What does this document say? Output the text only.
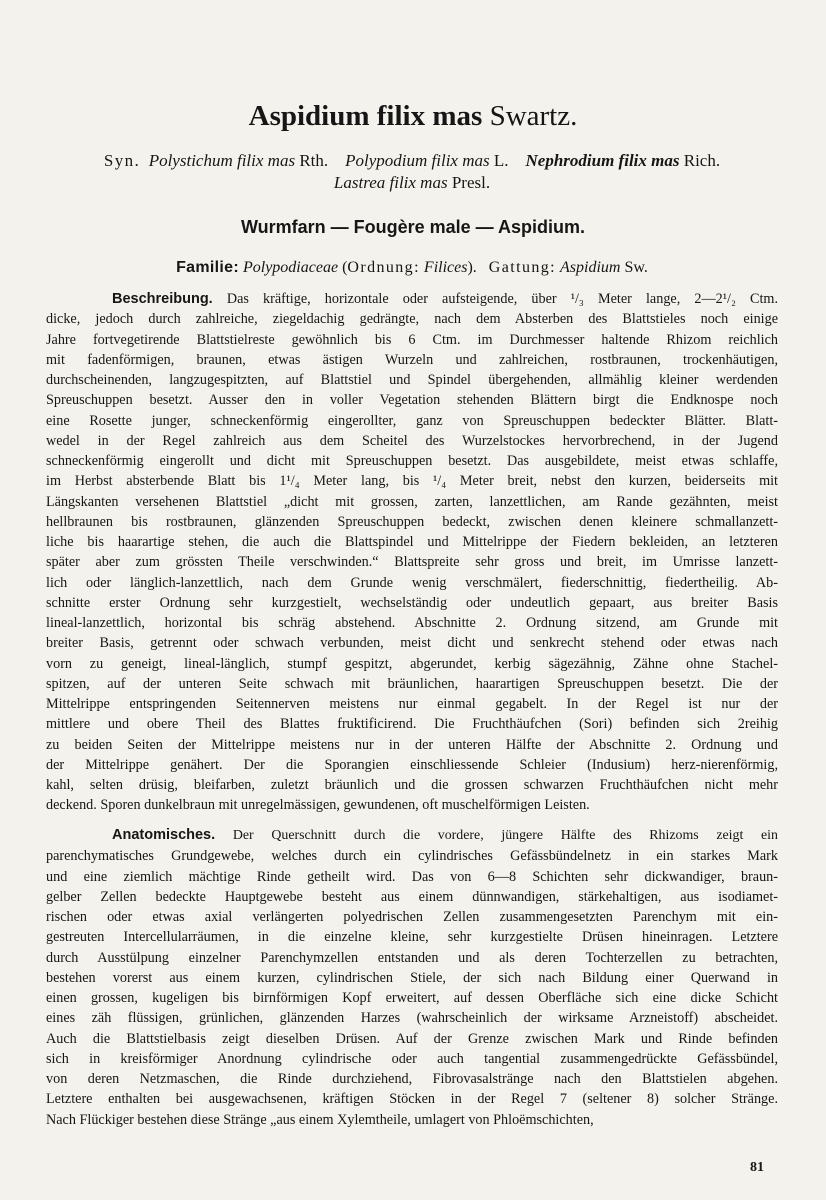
Aspidium filix mas Swartz.
Syn. Polystichum filix mas Rth. Polypodium filix mas L. Nephrodium filix mas Rich.
Lastrea filix mas Presl.
Wurmfarn — Fougère male — Aspidium.
Familie: Polypodiaceae (Ordnung: Filices).   Gattung: Aspidium Sw.
Beschreibung. Das kräftige, horizontale oder aufsteigende, über ¹/₃ Meter lange, 2—2¹/₂ Ctm.
dicke, jedoch durch zahlreiche, ziegeldachig gedrängte, nach dem Absterben des Blattstieles noch einige
Jahre fortvegetirende Blattstielreste gewöhnlich bis 6 Ctm. im Durchmesser haltende Rhizom reichlich
mit fadenförmigen, braunen, etwas ästigen Wurzeln und zahlreichen, rostbraunen, trockenhäutigen,
durchscheinenden, langzugespitzten, auf Blattstiel und Spindel übergehenden, allmählig kleiner werdenden
Spreuschuppen besetzt. Ausser den in voller Vegetation stehenden Blättern birgt die Endknospe noch
eine Rosette junger, schneckenförmig eingerollter, ganz von Spreuschuppen bedeckter Blätter. Blatt-
wedel in der Regel zahlreich aus dem Scheitel des Wurzelstockes hervorbrechend, in der Jugend
schneckenförmig eingerollt und dicht mit Spreuschuppen besetzt. Das ausgebildete, meist etwas schlaffe,
im Herbst absterbende Blatt bis 1¹/₄ Meter lang, bis ¹/₄ Meter breit, nebst den kurzen, beiderseits mit
Längskanten versehenen Blattstiel „dicht mit grossen, zarten, lanzettlichen, am Rande gezähnten, meist
hellbraunen bis rostbraunen, glänzenden Spreuschuppen bedeckt, zwischen denen kleinere schmallanzett-
liche bis haarartige stehen, die auch die Blattspindel und Mittelrippe der Fiedern bekleiden, an letzteren
später aber zum grössten Theile verschwinden.“ Blattspreite sehr gross und breit, im Umrisse lanzett-
lich oder länglich-lanzettlich, nach dem Grunde wenig verschmälert, fiederschnittig, fiedertheilig. Ab-
schnitte erster Ordnung sehr kurzgestielt, wechselständig oder undeutlich gepaart, aus breiter Basis
lineal-lanzettlich, horizontal bis schräg abstehend. Abschnitte 2. Ordnung sitzend, am Grunde mit
breiter Basis, getrennt oder schwach verbunden, meist dicht und senkrecht stehend oder etwas nach
vorn zu geneigt, lineal-länglich, stumpf gespitzt, abgerundet, kerbig sägezähnig, Zähne ohne Stachel-
spitzen, auf der unteren Seite schwach mit bräunlichen, haarartigen Spreuschuppen besetzt. Die der
Mittelrippe entspringenden Seitennerven meistens nur einmal gegabelt. In der Regel ist nur der
mittlere und obere Theil des Blattes fruktificirend. Die Fruchthäufchen (Sori) befinden sich 2reihig
zu beiden Seiten der Mittelrippe meistens nur in der unteren Hälfte der Abschnitte 2. Ordnung und
der Mittelrippe genähert. Der die Sporangien einschliessende Schleier (Indusium) herz-nierenförmig,
kahl, selten drüsig, bleifarben, zuletzt bräunlich und die grossen schwarzen Fruchthäufchen nicht mehr
deckend. Sporen dunkelbraun mit unregelmässigen, gewundenen, oft muschelförmigen Leisten.
Anatomisches. Der Querschnitt durch die vordere, jüngere Hälfte des Rhizoms zeigt ein
parenchymatisches Grundgewebe, welches durch ein cylindrisches Gefässbündelnetz in ein starkes Mark
und eine ziemlich mächtige Rinde getheilt wird. Das von 6—8 Schichten sehr dickwandiger, braun-
gelber Zellen bedeckte Hauptgewebe besteht aus einem dünnwandigen, stärkehaltigen, aus isodiamet-
rischen oder etwas axial verlängerten polyedrischen Zellen zusammengesetzten Parenchym mit ein-
gestreuten Intercellularräumen, in die einzelne kleine, sehr kurzgestielte Drüsen hineinragen. Letztere
durch Ausstülpung einzelner Parenchymzellen entstanden und als deren Tochterzellen zu betrachten,
bestehen vorerst aus einem kurzen, cylindrischen Stiele, der sich nach Bildung einer Querwand in
einen grossen, kugeligen bis birnförmigen Kopf erweitert, auf dessen Oberfläche sich eine dicke Schicht
eines zäh flüssigen, grünlichen, glänzenden Harzes (wahrscheinlich der wirksame Arzneistoff) abscheidet.
Auch die Blattstielbasis zeigt dieselben Drüsen. Auf der Grenze zwischen Mark und Rinde befinden
sich in kreisförmiger Anordnung cylindrische oder auch tangential zusammengedrückte Gefässbündel,
von deren Netzmaschen, die Rinde durchziehend, Fibrovasalstränge nach den Blattstielen abgehen.
Letztere enthalten bei ausgewachsenen, kräftigen Stöcken in der Regel 7 (seltener 8) solcher Stränge.
Nach Flückiger bestehen diese Stränge „aus einem Xylemtheile, umlagert von Phloëmschichten,
81
